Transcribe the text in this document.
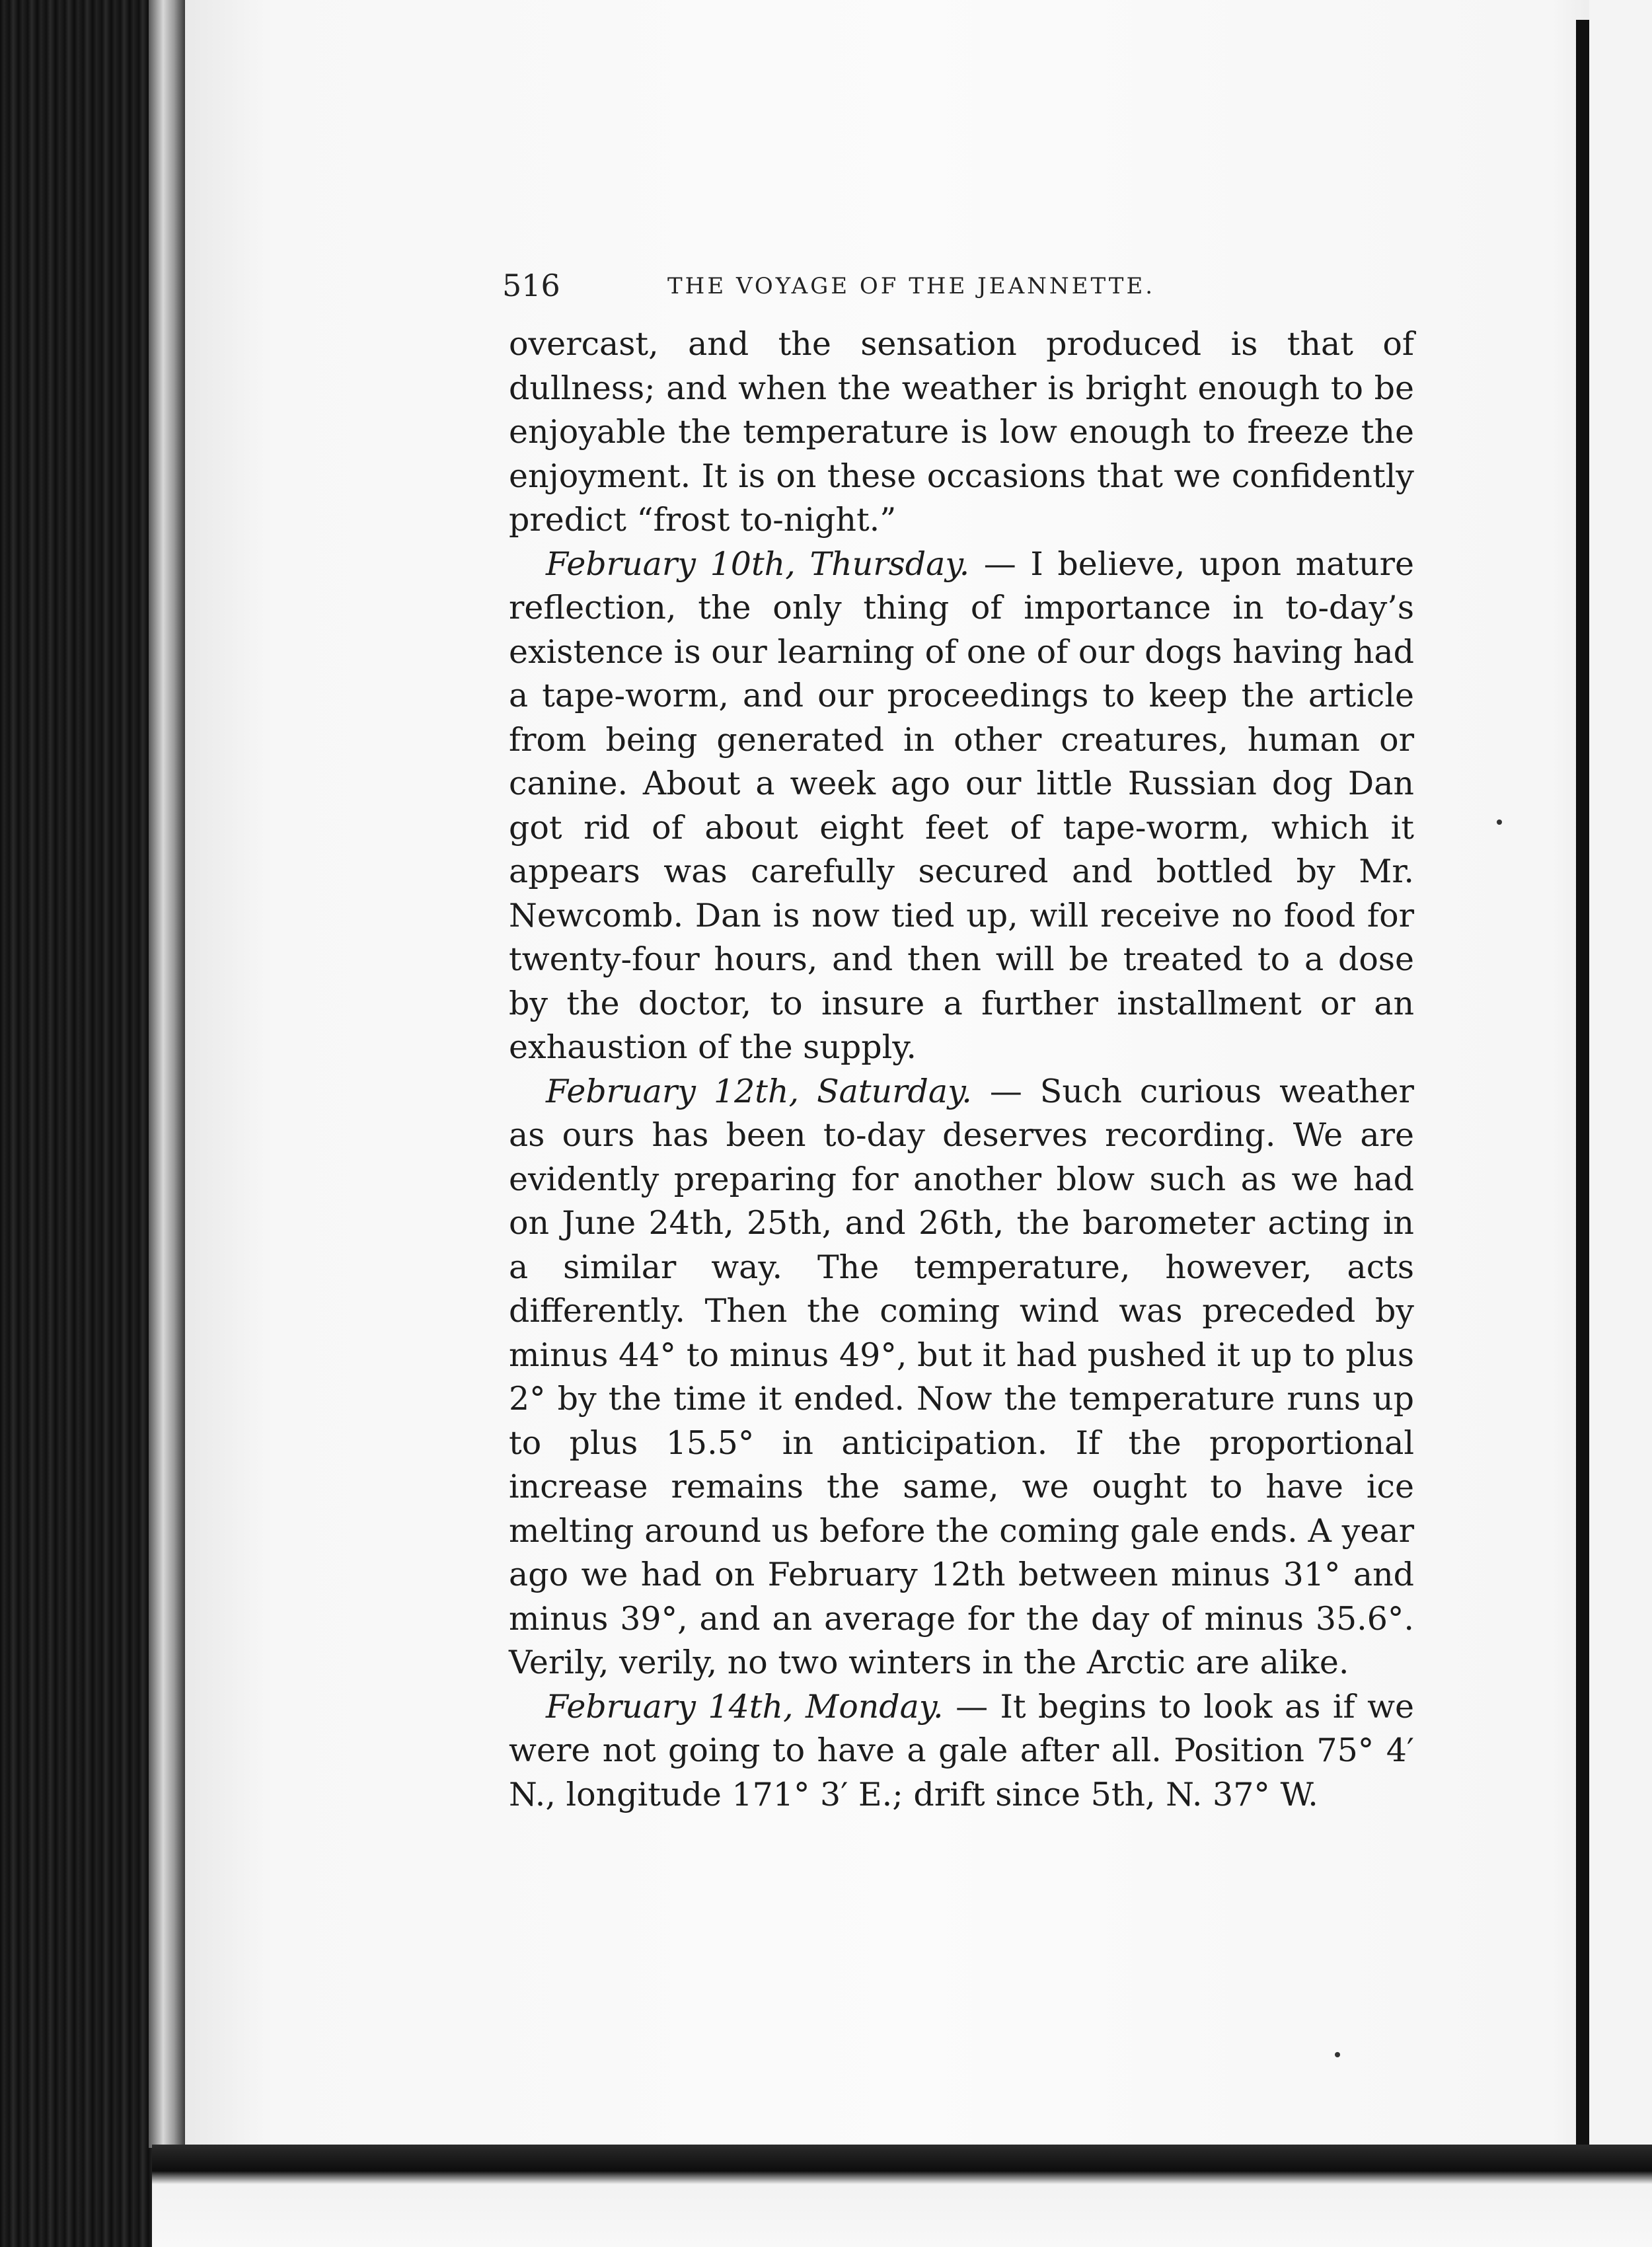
516	THE VOYAGE OF THE JEANNETTE.

overcast, and the sensation produced is that of dullness; and when the weather is bright enough to be enjoyable the temperature is low enough to freeze the enjoyment. It is on these occasions that we confidently predict “frost to-night.”

February 10th, Thursday. — I believe, upon mature reflection, the only thing of importance in to-day’s existence is our learning of one of our dogs having had a tape-worm, and our proceedings to keep the article from being generated in other creatures, human or canine. About a week ago our little Russian dog Dan got rid of about eight feet of tape-worm, which it appears was carefully secured and bottled by Mr. Newcomb. Dan is now tied up, will receive no food for twenty-four hours, and then will be treated to a dose by the doctor, to insure a further installment or an exhaustion of the supply.

February 12th, Saturday. — Such curious weather as ours has been to-day deserves recording. We are evidently preparing for another blow such as we had on June 24th, 25th, and 26th, the barometer acting in a similar way. The temperature, however, acts differently. Then the coming wind was preceded by minus 44° to minus 49°, but it had pushed it up to plus 2° by the time it ended. Now the temperature runs up to plus 15.5° in anticipation. If the proportional increase remains the same, we ought to have ice melting around us before the coming gale ends. A year ago we had on February 12th between minus 31° and minus 39°, and an average for the day of minus 35.6°. Verily, verily, no two winters in the Arctic are alike.

February 14th, Monday. — It begins to look as if we were not going to have a gale after all. Position 75° 4′ N., longitude 171° 3′ E.; drift since 5th, N. 37° W.
